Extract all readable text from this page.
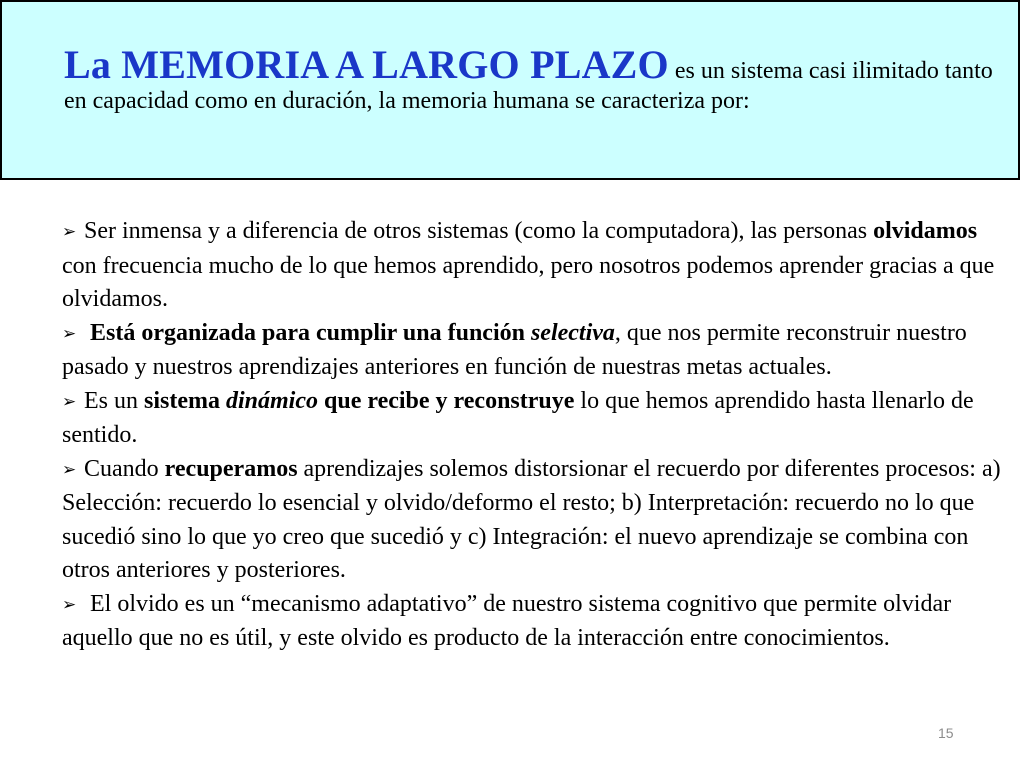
La MEMORIA A LARGO PLAZO es un sistema casi ilimitado tanto en capacidad como en duración, la memoria humana se caracteriza por:

➢ Ser inmensa y a diferencia de otros sistemas (como la computadora), las personas olvidamos con frecuencia mucho de lo que hemos aprendido, pero nosotros podemos aprender gracias a que olvidamos.

➢ Está organizada para cumplir una función selectiva, que nos permite reconstruir nuestro pasado y nuestros aprendizajes anteriores en función de nuestras metas actuales.

➢ Es un sistema dinámico que recibe y reconstruye lo que hemos aprendido hasta llenarlo de sentido.

➢ Cuando recuperamos aprendizajes solemos distorsionar el recuerdo por diferentes procesos: a) Selección: recuerdo lo esencial y olvido/deformo el resto; b) Interpretación: recuerdo no lo que sucedió sino lo que yo creo que sucedió y c) Integración: el nuevo aprendizaje se combina con otros anteriores y posteriores.

➢ El olvido es un “mecanismo adaptativo” de nuestro sistema cognitivo que permite olvidar aquello que no es útil, y este olvido es producto de la interacción entre conocimientos.

15
